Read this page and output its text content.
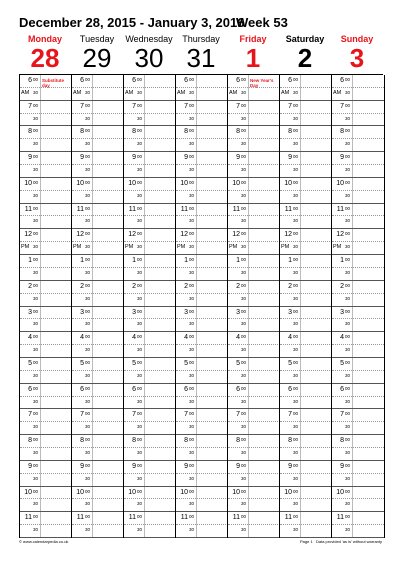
December 28, 2015 - January 3, 2016
Week 53
Monday
28
Tuesday
29
Wednesday
30
Thursday
31
Friday
1
Saturday
2
Sunday
3
6 00
30
AM
7 00
30
8 00
30
9 00
30
10 00
30
11 00
30
12 00
30
PM
1 00
30
2 00
30
3 00
30
4 00
30
5 00
30
6 00
30
7 00
30
8 00
30
9 00
30
10 00
30
11 00
30
Substitute day
6 00
30
AM
7 00
30
8 00
30
9 00
30
10 00
30
11 00
30
12 00
30
PM
1 00
30
2 00
30
3 00
30
4 00
30
5 00
30
6 00
30
7 00
30
8 00
30
9 00
30
10 00
30
11 00
30
6 00
30
AM
7 00
30
8 00
30
9 00
30
10 00
30
11 00
30
12 00
30
PM
1 00
30
2 00
30
3 00
30
4 00
30
5 00
30
6 00
30
7 00
30
8 00
30
9 00
30
10 00
30
11 00
30
6 00
30
AM
7 00
30
8 00
30
9 00
30
10 00
30
11 00
30
12 00
30
PM
1 00
30
2 00
30
3 00
30
4 00
30
5 00
30
6 00
30
7 00
30
8 00
30
9 00
30
10 00
30
11 00
30
6 00
30
AM
7 00
30
8 00
30
9 00
30
10 00
30
11 00
30
12 00
30
PM
1 00
30
2 00
30
3 00
30
4 00
30
5 00
30
6 00
30
7 00
30
8 00
30
9 00
30
10 00
30
11 00
30
New Year's Day
6 00
30
AM
7 00
30
8 00
30
9 00
30
10 00
30
11 00
30
12 00
30
PM
1 00
30
2 00
30
3 00
30
4 00
30
5 00
30
6 00
30
7 00
30
8 00
30
9 00
30
10 00
30
11 00
30
6 00
30
AM
7 00
30
8 00
30
9 00
30
10 00
30
11 00
30
12 00
30
PM
1 00
30
2 00
30
3 00
30
4 00
30
5 00
30
6 00
30
7 00
30
8 00
30
9 00
30
10 00
30
11 00
30
© www.calendarpedia.co.uk	Page 1 Data provided 'as is' without warranty
